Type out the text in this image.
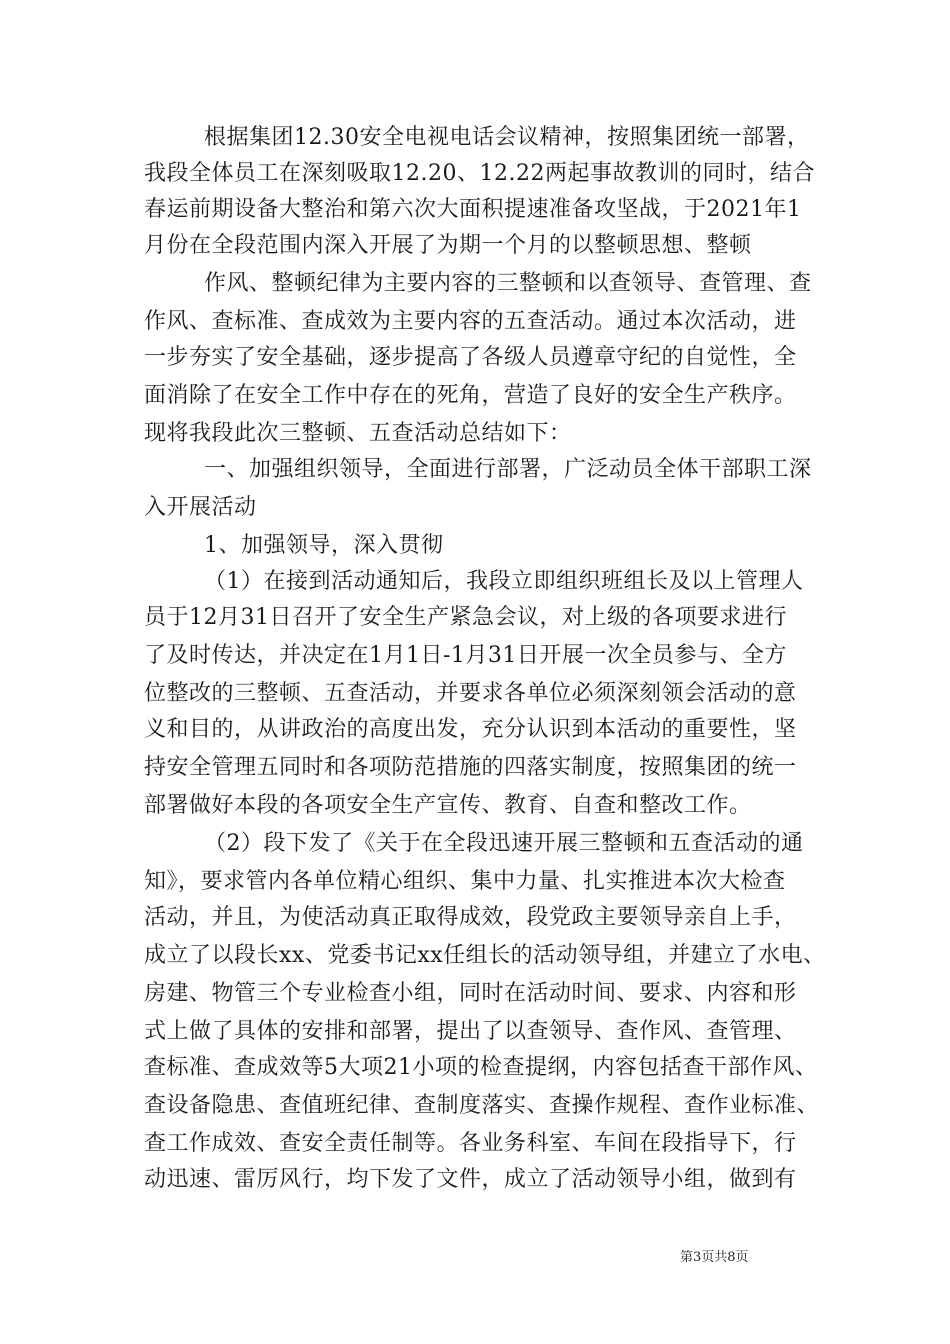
根据集团12.30安全电视电话会议精神，按照集团统一部署，
我段全体员工在深刻吸取12.20、12.22两起事故教训的同时，结合
春运前期设备大整治和第六次大面积提速准备攻坚战，于2021年1
月份在全段范围内深入开展了为期一个月的以整顿思想、整顿
作风、整顿纪律为主要内容的三整顿和以查领导、查管理、查
作风、查标准、查成效为主要内容的五查活动。通过本次活动，进
一步夯实了安全基础，逐步提高了各级人员遵章守纪的自觉性，全
面消除了在安全工作中存在的死角，营造了良好的安全生产秩序。
现将我段此次三整顿、五查活动总结如下：
一、加强组织领导，全面进行部署，广泛动员全体干部职工深
入开展活动
1、加强领导，深入贯彻
（1）在接到活动通知后，我段立即组织班组长及以上管理人
员于12月31日召开了安全生产紧急会议，对上级的各项要求进行
了及时传达，并决定在1月1日-1月31日开展一次全员参与、全方
位整改的三整顿、五查活动，并要求各单位必须深刻领会活动的意
义和目的，从讲政治的高度出发，充分认识到本活动的重要性，坚
持安全管理五同时和各项防范措施的四落实制度，按照集团的统一
部署做好本段的各项安全生产宣传、教育、自查和整改工作。
（2）段下发了《关于在全段迅速开展三整顿和五查活动的通
知》，要求管内各单位精心组织、集中力量、扎实推进本次大检查
活动，并且，为使活动真正取得成效，段党政主要领导亲自上手，
成立了以段长xx、党委书记xx任组长的活动领导组，并建立了水电、
房建、物管三个专业检查小组，同时在活动时间、要求、内容和形
式上做了具体的安排和部署，提出了以查领导、查作风、查管理、
查标准、查成效等5大项21小项的检查提纲，内容包括查干部作风、
查设备隐患、查值班纪律、查制度落实、查操作规程、查作业标准、
查工作成效、查安全责任制等。各业务科室、车间在段指导下，行
动迅速、雷厉风行，均下发了文件，成立了活动领导小组，做到有
第3页共8页
